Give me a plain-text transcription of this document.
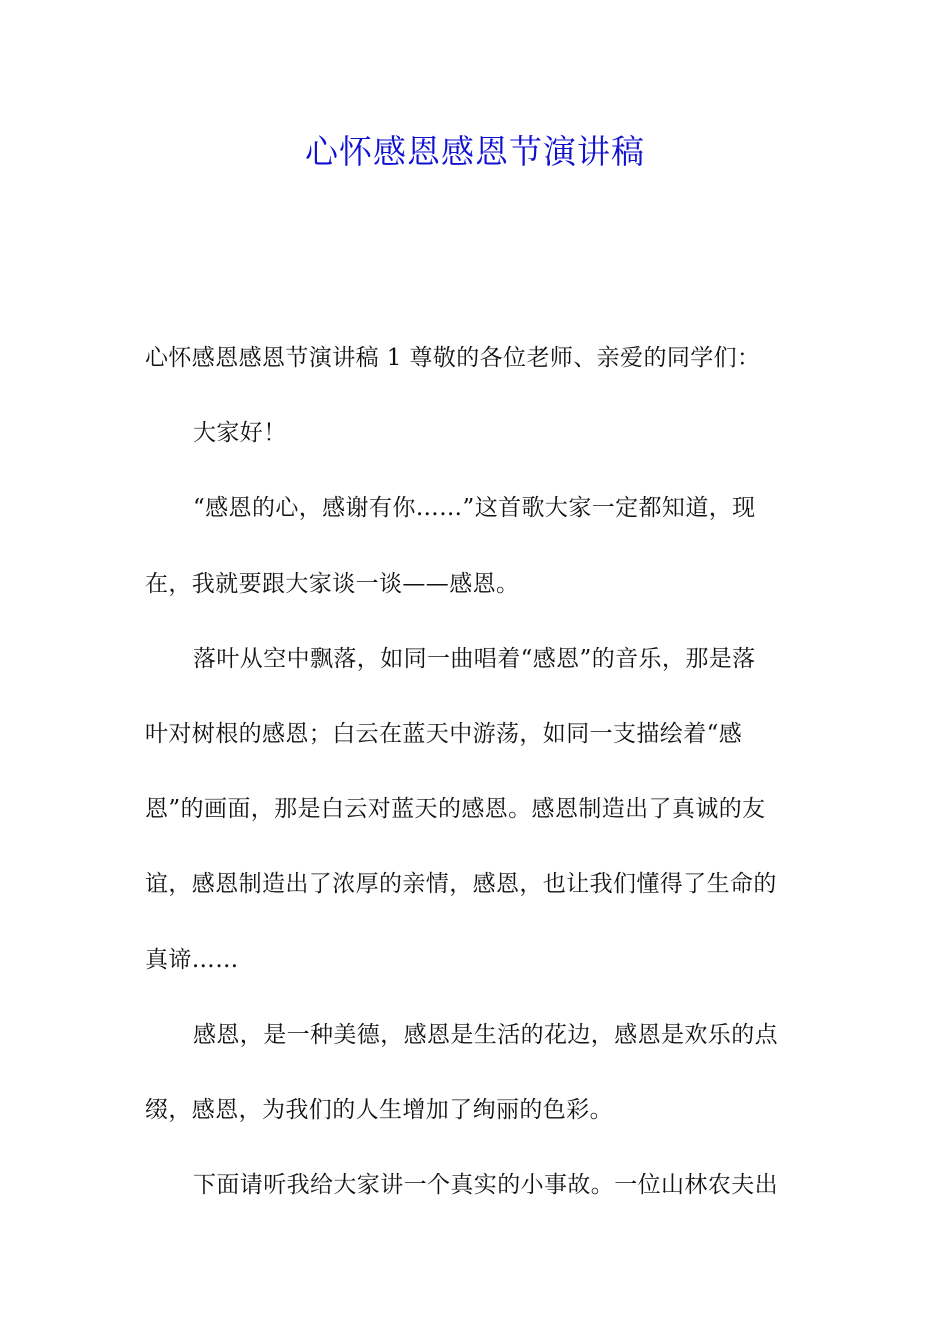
心怀感恩感恩节演讲稿
心怀感恩感恩节演讲稿 1 尊敬的各位老师、亲爱的同学们：

大家好！

“感恩的心，感谢有你……”这首歌大家一定都知道，现

在，我就要跟大家谈一谈——感恩。

落叶从空中飘落，如同一曲唱着“感恩”的音乐，那是落

叶对树根的感恩；白云在蓝天中游荡，如同一支描绘着“感

恩”的画面，那是白云对蓝天的感恩。感恩制造出了真诚的友

谊，感恩制造出了浓厚的亲情，感恩，也让我们懂得了生命的

真谛……

感恩，是一种美德，感恩是生活的花边，感恩是欢乐的点

缀，感恩，为我们的人生增加了绚丽的色彩。

下面请听我给大家讲一个真实的小事故。一位山林农夫出
